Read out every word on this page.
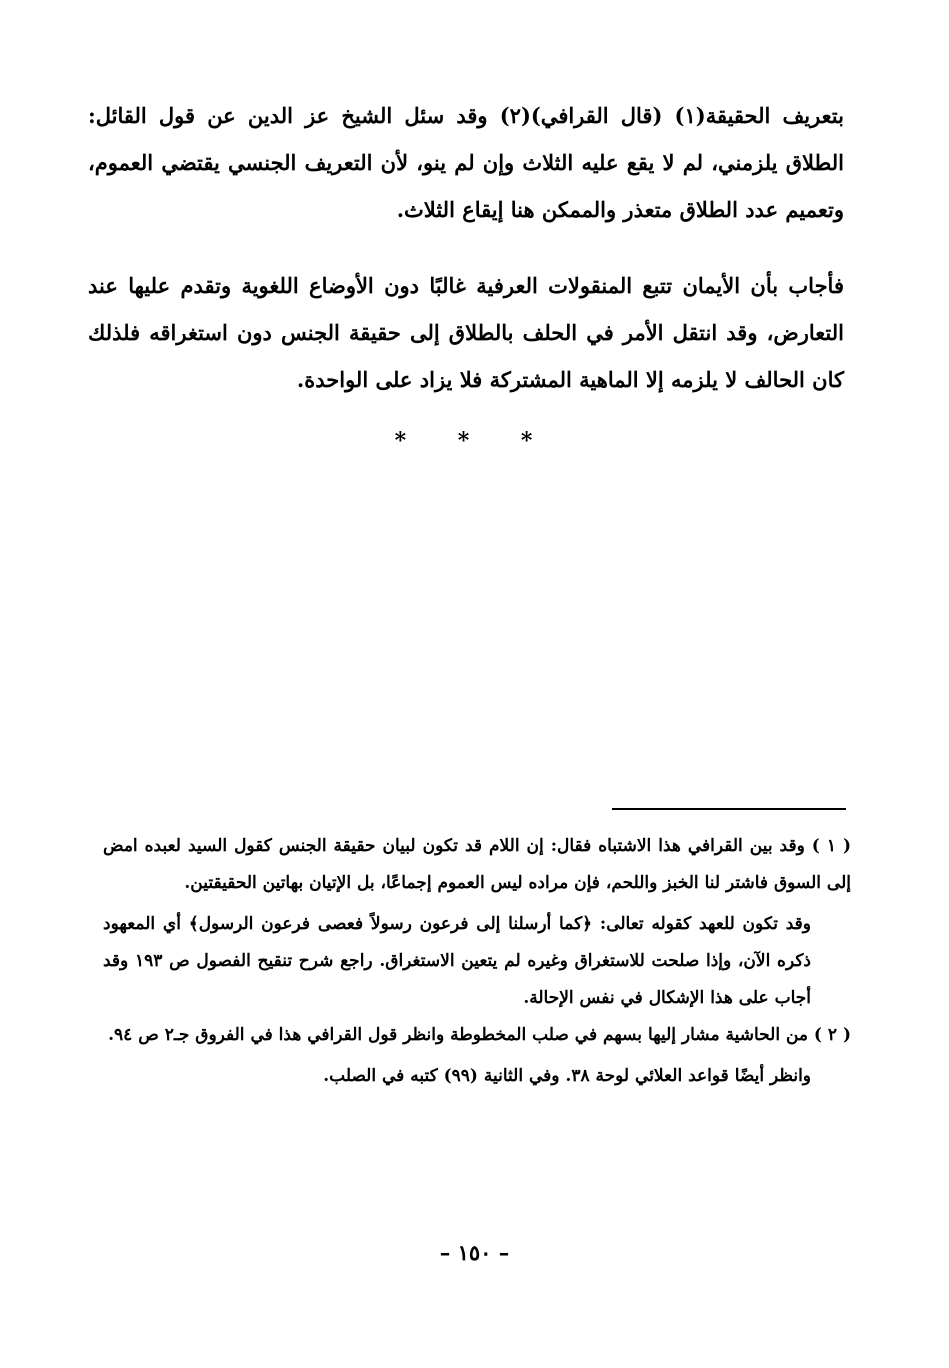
بتعريف الحقيقة(١) (قال القرافي)(٢) وقد سئل الشيخ عز الدين عن قول القائل: الطلاق يلزمني، لم لا يقع عليه الثلاث وإن لم ينو، لأن التعريف الجنسي يقتضي العموم، وتعميم عدد الطلاق متعذر والممكن هنا إيقاع الثلاث.

فأجاب بأن الأيمان تتبع المنقولات العرفية غالبًا دون الأوضاع اللغوية وتقدم عليها عند التعارض، وقد انتقل الأمر في الحلف بالطلاق إلى حقيقة الجنس دون استغراقه فلذلك كان الحالف لا يلزمه إلا الماهية المشتركة فلا يزاد على الواحدة.

* * *

( ١ ) وقد بين القرافي هذا الاشتباه فقال: إن اللام قد تكون لبيان حقيقة الجنس كقول السيد لعبده امض إلى السوق فاشتر لنا الخبز واللحم، فإن مراده ليس العموم إجماعًا، بل الإتيان بهاتين الحقيقتين.

وقد تكون للعهد كقوله تعالى: ﴿كما أرسلنا إلى فرعون رسولاً فعصى فرعون الرسول﴾ أي المعهود ذكره الآن، وإذا صلحت للاستغراق وغيره لم يتعين الاستغراق. راجع شرح تنقيح الفصول ص ١٩٣ وقد أجاب على هذا الإشكال في نفس الإحالة.

( ٢ ) من الحاشية مشار إليها بسهم في صلب المخطوطة وانظر قول القرافي هذا في الفروق جـ٢ ص ٩٤.

وانظر أيضًا قواعد العلائي لوحة ٣٨. وفي الثانية (٩٩) كتبه في الصلب.

– ١٥٠ –
